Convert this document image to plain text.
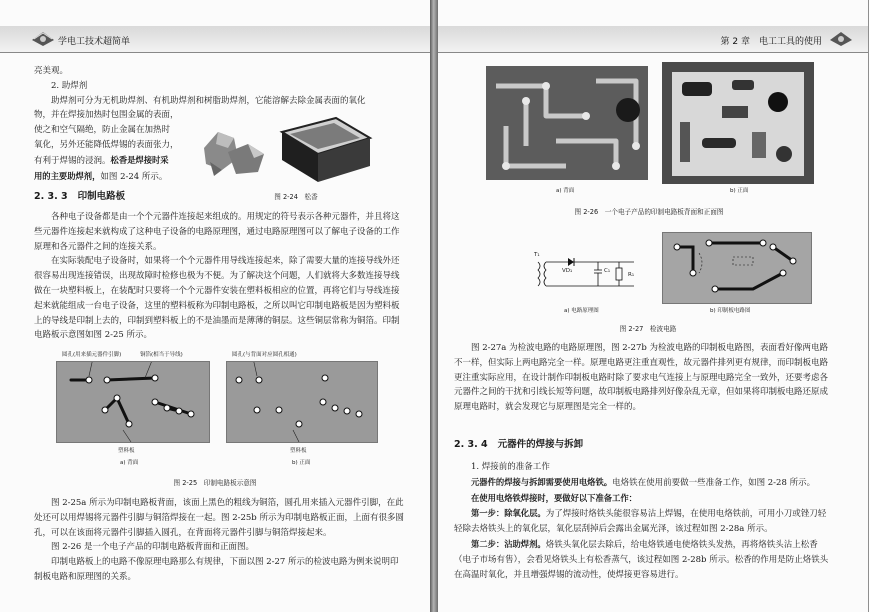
学电工技术超简单

亮美观。

2. 助焊剂

助焊剂可分为无机助焊剂、有机助焊剂和树脂助焊剂，它能溶解去除金属表面的氧化

物，并在焊接加热时包围金属的表面，

使之和空气隔绝，防止金属在加热时

氧化，另外还能降低焊锡的表面张力，

有利于焊锡的浸润。松香是焊接时采

用的主要助焊剂，如图 2-24 所示。

图 2-24　松香
2. 3. 3 印制电路板

各种电子设备都是由一个个元器件连接起来组成的。用规定的符号表示各种元器件，并且将这些元器件连接起来就构成了这种电子设备的电路原理图，通过电路原理图可以了解电子设备的工作原理和各元器件之间的连接关系。

在实际装配电子设备时，如果将一个个元器件用导线连接起来，除了需要大量的连接导线外还很容易出现连接错误，出现故障时检修也极为不便。为了解决这个问题，人们就将大多数连接导线做在一块塑料板上，在装配时只要将一个个元器件安装在塑料板相应的位置，再将它们与导线连接起来就能组成一台电子设备，这里的塑料板称为印制电路板，之所以叫它印制电路板是因为塑料板上的导线是印制上去的，印制到塑料板上的不是油墨而是薄薄的铜层。这些铜层常称为铜箔。印制电路板示意图如图 2-25 所示。

圆孔(用来插元器件引脚)	铜箔(相当于导线)	圆孔(与背面对应圆孔相通)
塑料板	塑料板
a) 背面	b) 正面
图 2-25　印制电路板示意图

图 2-25a 所示为印制电路板背面，该面上黑色的粗线为铜箔，圆孔用来插入元器件引脚，在此处还可以用焊锡将元器件引脚与铜箔焊接在一起。图 2-25b 所示为印制电路板正面，上面有很多圆孔，可以在该面将元器件引脚插入圆孔，在背面将元器件引脚与铜箔焊接起来。

图 2-26 是一个电子产品的印制电路板背面和正面图。

印制电路板上的电路不像原理电路那么有规律，下面以图 2-27 所示的检波电路为例来说明印制板电路和原理图的关系。

第 2 章　电工工具的使用
a) 背面	b) 正面
图 2-26　一个电子产品的印制电路板背面和正面图
T₁
VD₁	C₁
R₁
a) 电路原理图	b) 印制板电路图
图 2-27　检波电路

图 2-27a 为检波电路的电路原理图，图 2-27b 为检波电路的印制板电路图，表面看好像两电路不一样，但实际上两电路完全一样。原理电路更注重直观性，故元器件排列更有规律，而印制板电路更注重实际应用，在设计制作印制板电路时除了要求电气连接上与原理电路完全一致外，还要考虑各元器件之间的干扰和引线长短等问题，故印制板电路排列好像杂乱无章，但如果将印制板电路还原成原理电路时，就会发现它与原理图是完全一样的。

2. 3. 4 元器件的焊接与拆卸

1. 焊接前的准备工作

元器件的焊接与拆卸需要使用电烙铁。电烙铁在使用前要做一些准备工作，如图 2-28 所示。

在使用电烙铁焊接时，要做好以下准备工作：

第一步：除氧化层。为了焊接时烙铁头能很容易沾上焊锡，在使用电烙铁前，可用小刀或锉刀轻轻除去烙铁头上的氧化层，氧化层刮掉后会露出金属光泽，该过程如图 2-28a 所示。

第二步：沾助焊剂。烙铁头氧化层去除后，给电烙铁通电使烙铁头发热，再将烙铁头沾上松香（电子市场有售），会看见烙铁头上有松香蒸气，该过程如图 2-28b 所示。松香的作用是防止烙铁头在高温时氧化，并且增强焊锡的流动性，使焊接更容易进行。
